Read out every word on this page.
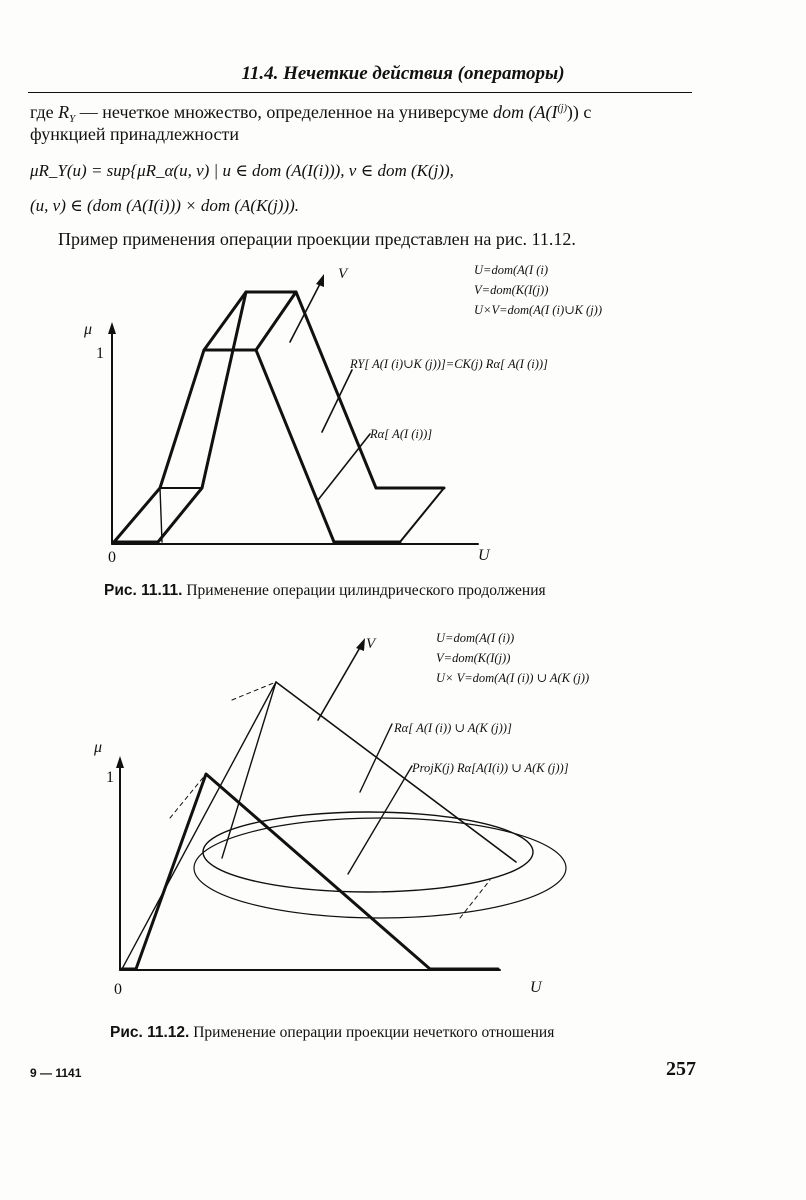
11.4. Нечеткие действия (операторы)
где $R_Y$ — нечеткое множество, определенное на универсуме dom $(A(I^{(j)}))$ с
функцией принадлежности
μR_Y(u) = sup{μR_α(u, v) | u ∈ dom (A(I(i))), v ∈ dom (K(j)),
(u, v) ∈ (dom (A(I(i))) × dom (A(K(j))).
Пример применения операции проекции представлен на рис. 11.12.
μ
1
0	U
V	U=dom(A(I (i)
V=dom(K(I(j))
U×V=dom(A(I (i)∪K (j))
RY[ A(I (i)∪K (j))]=CK(j) Rα[ A(I (i))]
Rα[ A(I (i))]
Рис. 11.11. Применение операции цилиндрического продолжения
μ
1
0	U
V	U=dom(A(I (i))
V=dom(K(I(j))
U× V=dom(A(I (i)) ∪ A(K (j))
Rα[ A(I (i)) ∪ A(K (j))]
ProjK(j) Rα[A(I(i)) ∪ A(K (j))]
Рис. 11.12. Применение операции проекции нечеткого отношения
9 — 1141	257
